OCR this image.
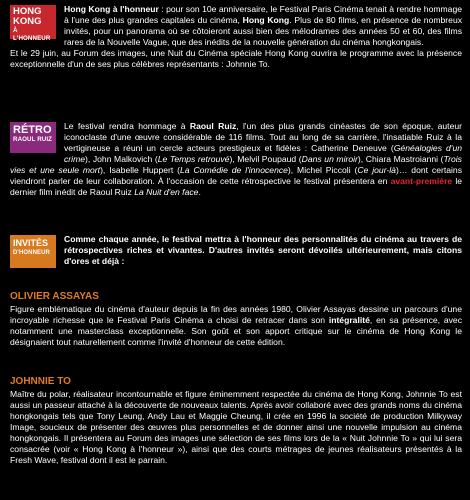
HONG KONG
À L'HONNEUR

Hong Kong à l'honneur : pour son 10e anniversaire, le Festival Paris Cinéma tenait à rendre hommage à l'une des plus grandes capitales du cinéma, Hong Kong. Plus de 80 films, en présence de nombreux invités, pour un panorama où se côtoieront aussi bien des mélodrames des années 50 et 60, des films rares de la Nouvelle Vague, que des inédits de la nouvelle génération du cinéma hongkongais.

Et le 29 juin, au Forum des images, une Nuit du Cinéma spéciale Hong Kong ouvrira le programme avec la présence exceptionnelle d'un de ses plus célèbres représentants : Johnnie To.

RÉTRO
RAOUL RUIZ

Le festival rendra hommage à Raoul Ruiz, l'un des plus grands cinéastes de son époque, auteur iconoclaste d'une œuvre considérable de 116 films. Tout au long de sa carrière, l'insatiable Ruiz à la vertigineuse a réuni un cercle acteurs prestigieux et fidèles : Catherine Deneuve (Généalogies d'un crime), John Malkovich (Le Temps retrouvé), Melvil Poupaud (Dans un miroir), Chiara Mastroianni (Trois vies et une seule mort), Isabelle Huppert (La Comédie de l'innocence), Michel Piccoli (Ce jour-là)… dont certains viendront parler de leur collaboration. À l'occasion de cette rétrospective le festival présentera en avant-première le dernier film inédit de Raoul Ruiz La Nuit d'en face.

INVITÉS
D'HONNEUR

Comme chaque année, le festival mettra à l'honneur des personnalités du cinéma au travers de rétrospectives riches et vivantes. D'autres invités seront dévoilés ultérieurement, mais citons d'ores et déjà :

OLIVIER ASSAYAS

Figure emblématique du cinéma d'auteur depuis la fin des années 1980, Olivier Assayas dessine un parcours d'une incroyable richesse que le Festival Paris Cinéma a choisi de retracer dans son intégralité, en sa présence, avec notamment une masterclass exceptionnelle. Son goût et son apport critique sur le cinéma de Hong Kong le désignaient tout naturellement comme l'invité d'honneur de cette édition.

JOHNNIE TO

Maître du polar, réalisateur incontournable et figure éminemment respectée du cinéma de Hong Kong, Johnnie To est aussi un passeur attaché à la découverte de nouveaux talents. Après avoir collaboré avec des grands noms du cinéma hongkongais tels que Tony Leung, Andy Lau et Maggie Cheung, il crée en 1996 la société de production Milkyway Image, soucieux de présenter des œuvres plus personnelles et de donner ainsi une nouvelle impulsion au cinéma hongkongais. Il présentera au Forum des images une sélection de ses films lors de la « Nuit Johnnie To » qui lui sera consacrée (voir « Hong Kong à l'honneur »), ainsi que des courts métrages de jeunes réalisateurs présentés à la Fresh Wave, festival dont il est le parrain.
